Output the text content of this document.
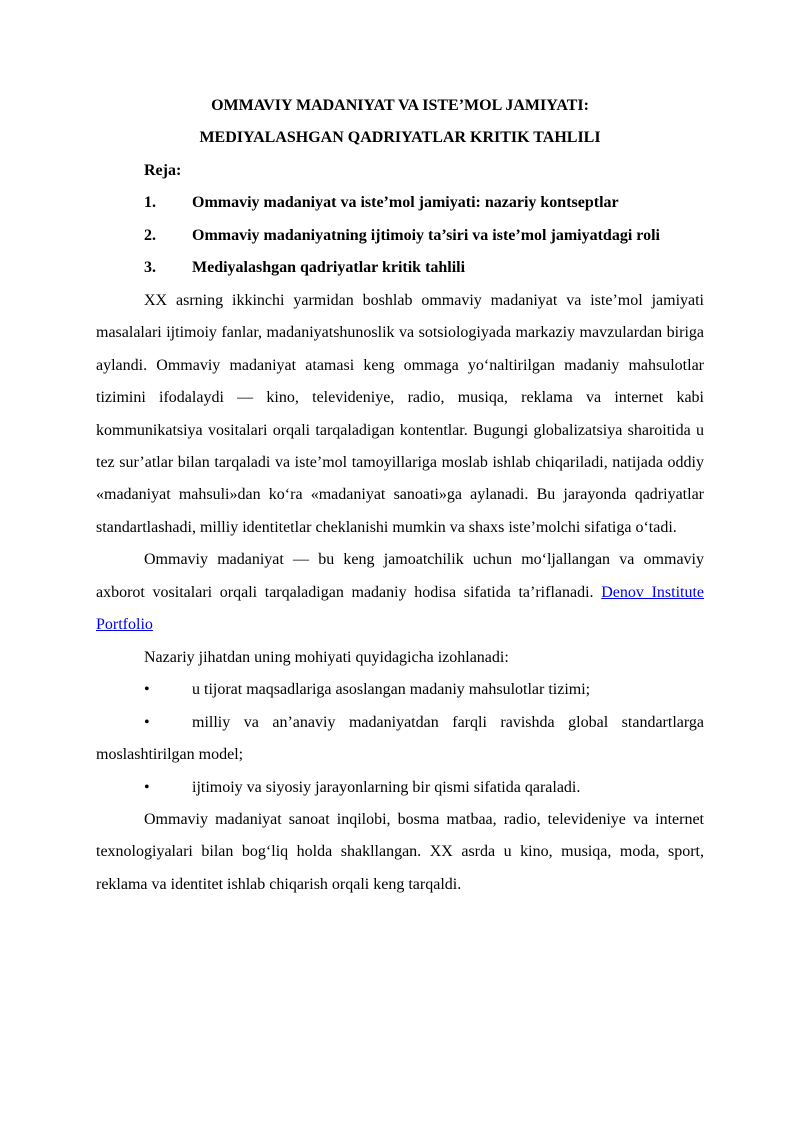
OMMAVIY MADANIYAT VA ISTE’MOL JAMIYATI:

MEDIYALASHGAN QADRIYATLAR KRITIK TAHLILI

Reja:

1. Ommaviy madaniyat va iste’mol jamiyati: nazariy kontseptlar

2. Ommaviy madaniyatning ijtimoiy ta’siri va iste’mol jamiyatdagi roli

3. Mediyalashgan qadriyatlar kritik tahlili

XX asrning ikkinchi yarmidan boshlab ommaviy madaniyat va iste’mol jamiyati masalalari ijtimoiy fanlar, madaniyatshunoslik va sotsiologiyada markaziy mavzulardan biriga aylandi. Ommaviy madaniyat atamasi keng ommaga yo‘naltirilgan madaniy mahsulotlar tizimini ifodalaydi — kino, televideniye, radio, musiqa, reklama va internet kabi kommunikatsiya vositalari orqali tarqaladigan kontentlar. Bugungi globalizatsiya sharoitida u tez sur’atlar bilan tarqaladi va iste’mol tamoyillariga moslab ishlab chiqariladi, natijada oddiy «madaniyat mahsuli»dan ko‘ra «madaniyat sanoati»ga aylanadi. Bu jarayonda qadriyatlar standartlashadi, milliy identitetlar cheklanishi mumkin va shaxs iste’molchi sifatiga o‘tadi.

Ommaviy madaniyat — bu keng jamoatchilik uchun mo‘ljallangan va ommaviy axborot vositalari orqali tarqaladigan madaniy hodisa sifatida ta’riflanadi. Denov Institute Portfolio

Nazariy jihatdan uning mohiyati quyidagicha izohlanadi:

•	u tijorat maqsadlariga asoslangan madaniy mahsulotlar tizimi;

•	milliy va an’anaviy madaniyatdan farqli ravishda global standartlarga moslashtirilgan model;

•	ijtimoiy va siyosiy jarayonlarning bir qismi sifatida qaraladi.

Ommaviy madaniyat sanoat inqilobi, bosma matbaa, radio, televideniye va internet texnologiyalari bilan bog‘liq holda shakllangan. XX asrda u kino, musiqa, moda, sport, reklama va identitet ishlab chiqarish orqali keng tarqaldi.
